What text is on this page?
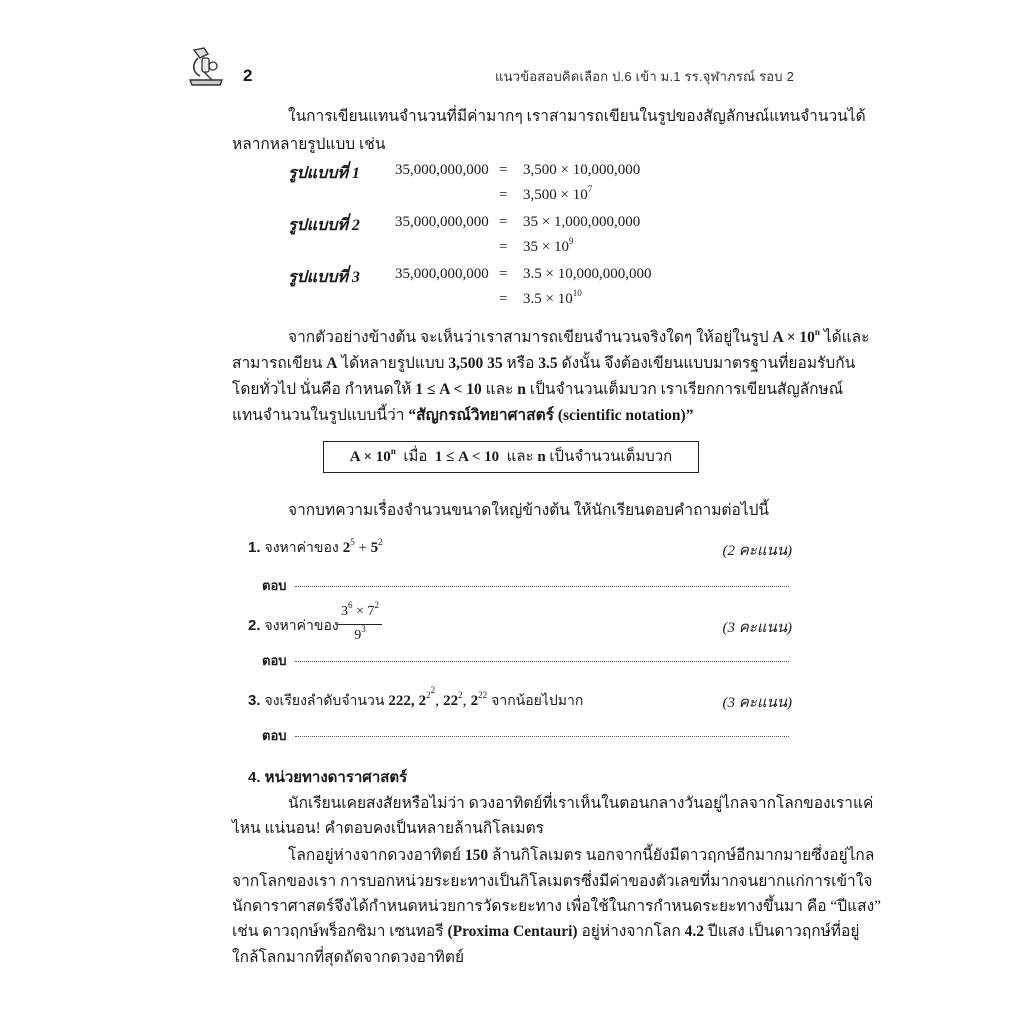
2	แนวข้อสอบคิดเลือก ป.6 เข้า ม.1 รร.จุฬาภรณ์ รอบ 2
ในการเขียนแทนจำนวนที่มีค่ามากๆ เราสามารถเขียนในรูปของสัญลักษณ์แทนจำนวนได้
หลากหลายรูปแบบ เช่น
รูปแบบที่ 1 35,000,000,000 = 3,500 × 10,000,000
= $3,500 \times 10^7$
รูปแบบที่ 2 35,000,000,000 = 35 × 1,000,000,000
= $35 \times 10^9$
รูปแบบที่ 3 35,000,000,000 = 3.5 × 10,000,000,000
= $3.5 \times 10^{10}$
จากตัวอย่างข้างต้น จะเห็นว่าเราสามารถเขียนจำนวนจริงใดๆ ให้อยู่ในรูป $A \times 10^n$ ได้และ
สามารถเขียน A ได้หลายรูปแบบ 3,500 35 หรือ 3.5 ดังนั้น จึงต้องเขียนแบบมาตรฐานที่ยอมรับกัน
โดยทั่วไป นั่นคือ กำหนดให้ 1 ≤ A < 10 และ n เป็นจำนวนเต็มบวก เราเรียกการเขียนสัญลักษณ์
แทนจำนวนในรูปแบบนี้ว่า “สัญกรณ์วิทยาศาสตร์ (scientific notation)”
$A \times 10^n$ เมื่อ 1 ≤ A < 10 และ n เป็นจำนวนเต็มบวก
จากบทความเรื่องจำนวนขนาดใหญ่ข้างต้น ให้นักเรียนตอบคำถามต่อไปนี้
1. จงหาค่าของ $2^5 + 5^2$
(2 คะแนน)
ตอบ
2. จงหาค่าของ
$3^6 \times 7^2$
$9^3$	(3 คะแนน)
ตอบ
3. จงเรียงลำดับจำนวน 222, $2^{2^2}$, $22^2$, $2^{22}$ จากน้อยไปมาก	(3 คะแนน)
ตอบ
4. หน่วยทางดาราศาสตร์
นักเรียนเคยสงสัยหรือไม่ว่า ดวงอาทิตย์ที่เราเห็นในตอนกลางวันอยู่ไกลจากโลกของเราแค่
ไหน แน่นอน! คำตอบคงเป็นหลายล้านกิโลเมตร
โลกอยู่ห่างจากดวงอาทิตย์ 150 ล้านกิโลเมตร นอกจากนี้ยังมีดาวฤกษ์อีกมากมายซึ่งอยู่ไกล
จากโลกของเรา การบอกหน่วยระยะทางเป็นกิโลเมตรซึ่งมีค่าของตัวเลขที่มากจนยากแก่การเข้าใจ
นักดาราศาสตร์จึงได้กำหนดหน่วยการวัดระยะทาง เพื่อใช้ในการกำหนดระยะทางขึ้นมา คือ “ปีแสง”
เช่น ดาวฤกษ์พร็อกซิมา เซนทอรี (Proxima Centauri) อยู่ห่างจากโลก 4.2 ปีแสง เป็นดาวฤกษ์ที่อยู่
ใกล้โลกมากที่สุดถัดจากดวงอาทิตย์
